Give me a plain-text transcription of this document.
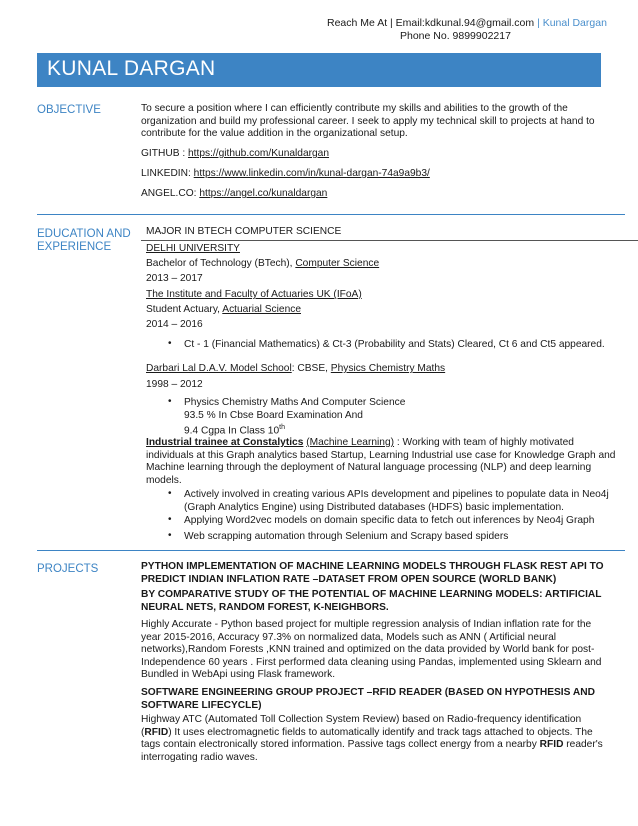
Reach Me At | Email:kdkunal.94@gmail.com | Kunal Dargan
Phone No. 9899902217
KUNAL DARGAN
OBJECTIVE	To secure a position where I can efficiently contribute my skills and abilities to the growth of the
organization and build my professional career. I seek to apply my technical skill to projects at hand to
contribute for the value addition in the organizational setup.
GITHUB : https://github.com/Kunaldargan
LINKEDIN: https://www.linkedin.com/in/kunal-dargan-74a9a9b3/
ANGEL.CO: https://angel.co/kunaldargan
EDUCATION AND
EXPERIENCE
MAJOR IN BTECH COMPUTER SCIENCE
DELHI UNIVERSITY
Bachelor of Technology (BTech), Computer Science
2013 – 2017
The Institute and Faculty of Actuaries UK (IFoA)
Student Actuary, Actuarial Science
2014 – 2016
• Ct - 1 (Financial Mathematics) & Ct-3 (Probability and Stats) Cleared, Ct 6 and Ct5 appeared.
Darbari Lal D.A.V. Model School: CBSE, Physics Chemistry Maths
1998 – 2012
• Physics Chemistry Maths And Computer Science
93.5 % In Cbse Board Examination And
9.4 Cgpa In Class 10th
Industrial trainee at Constalytics (Machine Learning) : Working with team of highly motivated
individuals at this Graph analytics based Startup, Learning Industrial use case for Knowledge Graph and
Machine learning through the deployment of Natural language processing (NLP) and deep learning
models.
• Actively involved in creating various APIs development and pipelines to populate data in Neo4j
(Graph Analytics Engine) using Distributed databases (HDFS) basic implementation.
• Applying Word2vec models on domain specific data to fetch out inferences by Neo4j Graph
• Web scrapping automation through Selenium and Scrapy based spiders
PROJECTS	PYTHON IMPLEMENTATION OF MACHINE LEARNING MODELS THROUGH FLASK REST API TO
PREDICT INDIAN INFLATION RATE –DATASET FROM OPEN SOURCE (WORLD BANK)
BY COMPARATIVE STUDY OF THE POTENTIAL OF MACHINE LEARNING MODELS: ARTIFICIAL
NEURAL NETS, RANDOM FOREST, K-NEIGHBORS.
Highly Accurate - Python based project for multiple regression analysis of Indian inflation rate for the
year 2015-2016, Accuracy 97.3% on normalized data, Models such as ANN ( Artificial neural
networks),Random Forests ,KNN trained and optimized on the data provided by World bank for post-
Independence 60 years . First performed data cleaning using Pandas, implemented using Sklearn and
Bundled in WebApi using Flask framework.
SOFTWARE ENGINEERING GROUP PROJECT –RFID READER (BASED ON HYPOTHESIS AND
SOFTWARE LIFECYCLE)
Highway ATC (Automated Toll Collection System Review) based on Radio-frequency identification
(RFID) It uses electromagnetic fields to automatically identify and track tags attached to objects. The
tags contain electronically stored information. Passive tags collect energy from a nearby RFID reader's
interrogating radio waves.
